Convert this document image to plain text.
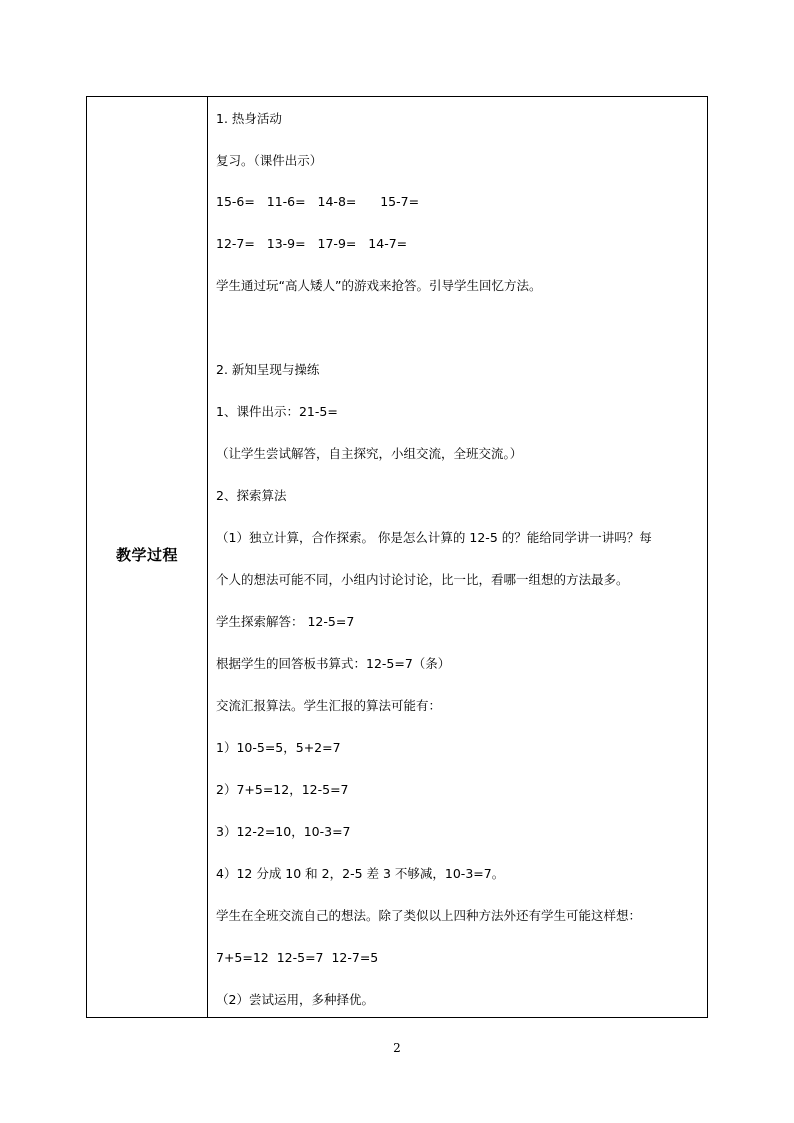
教学过程
1. 热身活动
复习。（课件出示）
15-6=   11-6=   14-8=      15-7=
12-7=   13-9=   17-9=   14-7=
学生通过玩“高人矮人”的游戏来抢答。引导学生回忆方法。
2. 新知呈现与操练
1、课件出示：21-5=
（让学生尝试解答，自主探究，小组交流，全班交流。）
2、探索算法
（1）独立计算，合作探索。 你是怎么计算的 12-5 的？能给同学讲一讲吗？每
个人的想法可能不同，小组内讨论讨论，比一比，看哪一组想的方法最多。
学生探索解答： 12-5=7
根据学生的回答板书算式：12-5=7（条）
交流汇报算法。学生汇报的算法可能有：
1）10-5=5，5+2=7
2）7+5=12，12-5=7
3）12-2=10，10-3=7
4）12 分成 10 和 2，2-5 差 3 不够减，10-3=7。
学生在全班交流自己的想法。除了类似以上四种方法外还有学生可能这样想：
7+5=12  12-5=7  12-7=5
（2）尝试运用，多种择优。
2
